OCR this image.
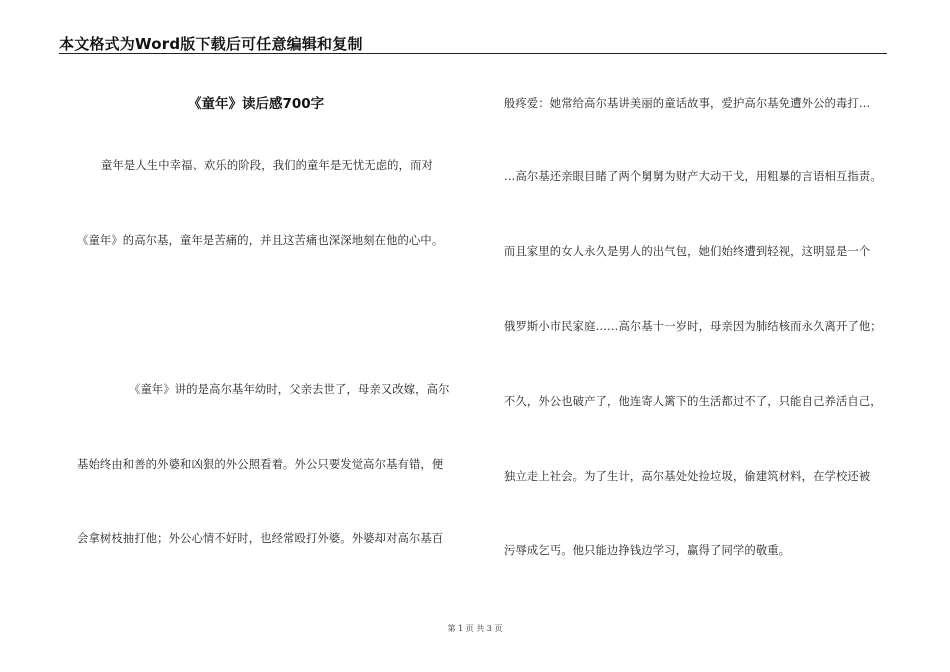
本文格式为Word版下载后可任意编辑和复制
《童年》读后感700字
童年是人生中幸福、欢乐的阶段，我们的童年是无忧无虑的，而对
《童年》的高尔基，童年是苦痛的，并且这苦痛也深深地刻在他的心中。
《童年》讲的是高尔基年幼时，父亲去世了，母亲又改嫁，高尔
基始终由和善的外婆和凶狠的外公照看着。外公只要发觉高尔基有错，便
会拿树枝抽打他；外公心情不好时，也经常殴打外婆。外婆却对高尔基百
般疼爱：她常给高尔基讲美丽的童话故事，爱护高尔基免遭外公的毒打…
…高尔基还亲眼目睹了两个舅舅为财产大动干戈，用粗暴的言语相互指责。
而且家里的女人永久是男人的出气包，她们始终遭到轻视，这明显是一个
俄罗斯小市民家庭……高尔基十一岁时，母亲因为肺结核而永久离开了他；
不久，外公也破产了，他连寄人篱下的生活都过不了，只能自己养活自己，
独立走上社会。为了生计，高尔基处处捡垃圾，偷建筑材料，在学校还被
污辱成乞丐。他只能边挣钱边学习，赢得了同学的敬重。
第 1 页 共 3 页
